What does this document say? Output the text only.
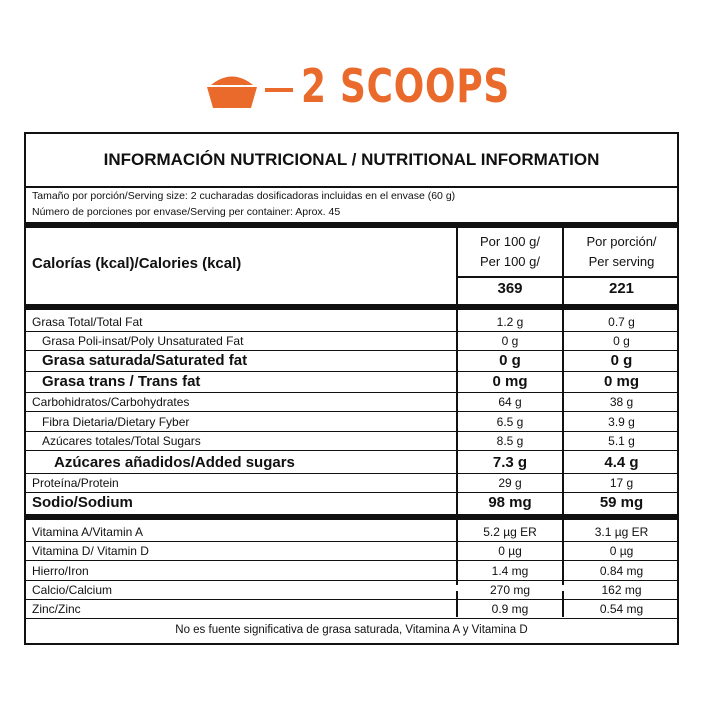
2 SCOOPS
INFORMACIÓN NUTRICIONAL / NUTRITIONAL INFORMATION
Tamaño por porción/Serving size: 2 cucharadas dosificadoras incluidas en el envase (60 g)
Número de porciones por envase/Serving per container: Aprox. 45
Calorías (kcal)/Calories (kcal)
Por 100 g/
Per 100 g/
Por porción/
Per serving
369	221
Grasa Total/Total Fat	1.2 g	0.7 g
Grasa Poli-insat/Poly Unsaturated Fat	0 g	0 g
Grasa saturada/Saturated fat	0 g	0 g
Grasa trans / Trans fat	0 mg	0 mg
Carbohidratos/Carbohydrates	64 g	38 g
Fibra Dietaria/Dietary Fyber	6.5 g	3.9 g
Azúcares totales/Total Sugars	8.5 g	5.1 g
Azúcares añadidos/Added sugars	7.3 g	4.4 g
Proteína/Protein	29 g	17 g
Sodio/Sodium	98 mg	59 mg
Vitamina A/Vitamin A	5.2 µg ER	3.1 µg ER
Vitamina D/ Vitamin D	0 µg	0 µg
Hierro/Iron	1.4 mg	0.84 mg
Calcio/Calcium	270 mg	162 mg
Zinc/Zinc	0.9 mg	0.54 mg
No es fuente significativa de grasa saturada, Vitamina A y Vitamina D
